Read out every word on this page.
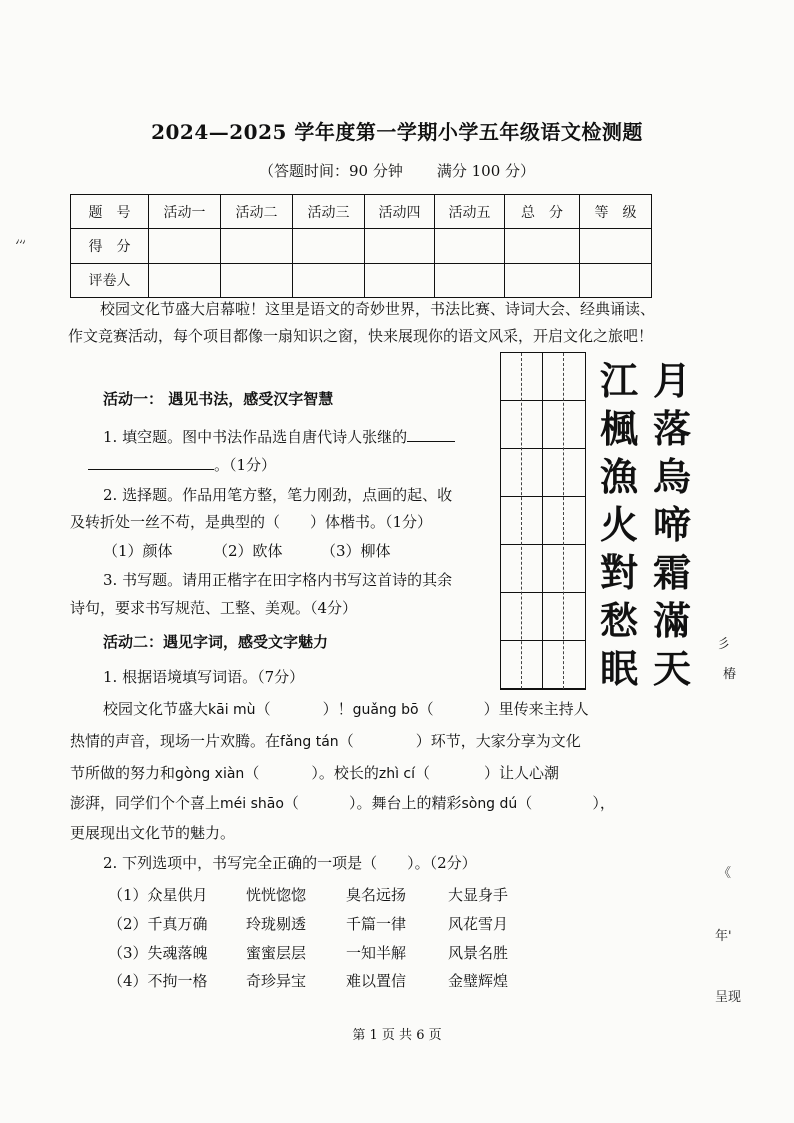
2024—2025 学年度第一学期小学五年级语文检测题
（答题时间：90 分钟 满分 100 分）
题　号	活动一	活动二	活动三	活动四	活动五	总　分	等　级
得　分							
评卷人							
校园文化节盛大启幕啦！这里是语文的奇妙世界，书法比赛、诗词大会、经典诵读、作文竞赛活动，每个项目都像一扇知识之窗，快来展现你的语文风采，开启文化之旅吧！
活动一： 遇见书法，感受汉字智慧
1. 填空题。图中书法作品选自唐代诗人张继的
。（1分）
2. 选择题。作品用笔方整，笔力刚劲，点画的起、收
及转折处一丝不苟，是典型的（　　）体楷书。（1分）
（1）颜体	（2）欧体	（3）柳体
3. 书写题。请用正楷字在田字格内书写这首诗的其余
诗句，要求书写规范、工整、美观。（4分）
月
落
烏
啼
霜
滿
天
江
楓
漁
火
對
愁
眠
活动二：遇见字词，感受文字魅力
1. 根据语境填写词语。（7分）
校园文化节盛大kāi mù（	）！guǎng bō（	）里传来主持人
热情的声音，现场一片欢腾。在fǎng tán（	）环节，大家分享为文化
节所做的努力和gòng xiàn（	）。校长的zhì cí（	）让人心潮
澎湃，同学们个个喜上méi shāo（	）。舞台上的精彩sòng dú（	），
更展现出文化节的魅力。
2. 下列选项中，书写完全正确的一项是（　　）。（2分）
（1）众星供月	恍恍惚惚	臭名远扬	大显身手
（2）千真万确	玲珑剔透	千篇一律	风花雪月
（3）失魂落魄	蜜蜜层层	一知半解	风景名胜
（4）不拘一格	奇珍异宝	难以置信	金璧辉煌
第 1 页 共 6 页
ﾐ
彡
椿
《
年'
呈现
